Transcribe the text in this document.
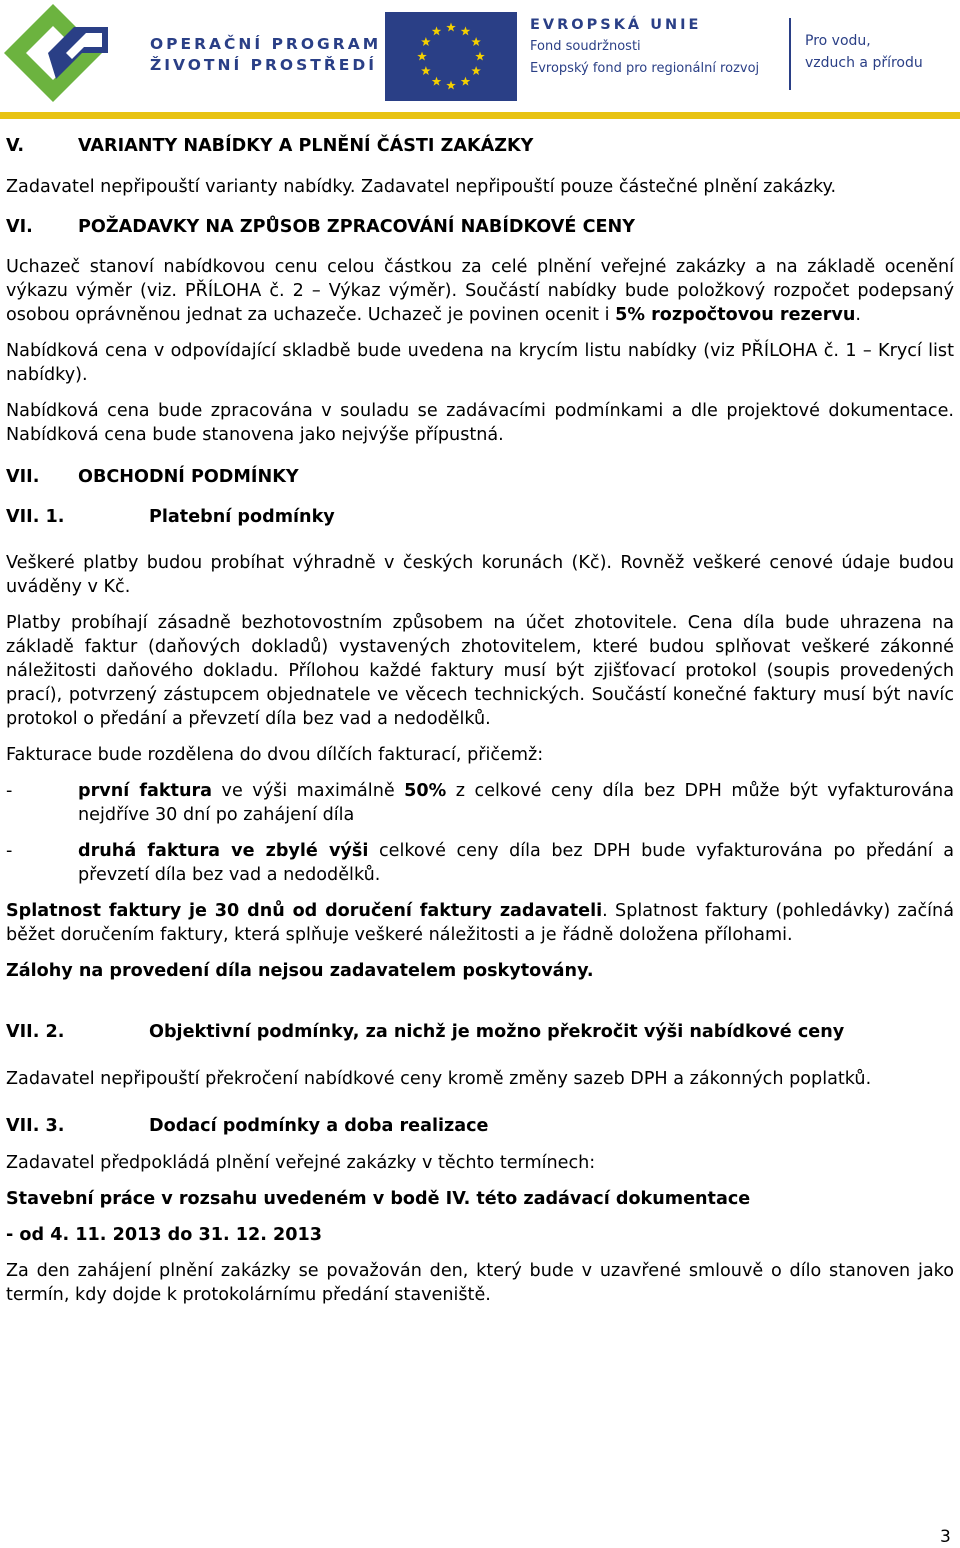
OPERAČNÍ PROGRAM
ŽIVOTNÍ PROSTŘEDÍ
EVROPSKÁ UNIE
Fond soudržnosti
Evropský fond pro regionální rozvoj
Pro vodu,
vzduch a přírodu
V.	VARIANTY NABÍDKY A PLNĚNÍ ČÁSTI ZAKÁZKY

Zadavatel nepřipouští varianty nabídky. Zadavatel nepřipouští pouze částečné plnění zakázky.

VI.	POŽADAVKY NA ZPŮSOB ZPRACOVÁNÍ NABÍDKOVÉ CENY

Uchazeč stanoví nabídkovou cenu celou částkou za celé plnění veřejné zakázky a na základě ocenění výkazu výměr (viz. PŘÍLOHA č. 2 – Výkaz výměr). Součástí nabídky bude položkový rozpočet podepsaný osobou oprávněnou jednat za uchazeče. Uchazeč je povinen ocenit i 5% rozpočtovou rezervu.

Nabídková cena v odpovídající skladbě bude uvedena na krycím listu nabídky (viz PŘÍLOHA č. 1 – Krycí list nabídky).

Nabídková cena bude zpracována v souladu se zadávacími podmínkami a dle projektové dokumentace. Nabídková cena bude stanovena jako nejvýše přípustná.

VII.	OBCHODNÍ PODMÍNKY
VII. 1.	Platební podmínky

Veškeré platby budou probíhat výhradně v českých korunách (Kč). Rovněž veškeré cenové údaje budou uváděny v Kč.

Platby probíhají zásadně bezhotovostním způsobem na účet zhotovitele. Cena díla bude uhrazena na základě faktur (daňových dokladů) vystavených zhotovitelem, které budou splňovat veškeré zákonné náležitosti daňového dokladu. Přílohou každé faktury musí být zjišťovací protokol (soupis provedených prací), potvrzený zástupcem objednatele ve věcech technických. Součástí konečné faktury musí být navíc protokol o předání a převzetí díla bez vad a nedodělků.

Fakturace bude rozdělena do dvou dílčích fakturací, přičemž:

-	první faktura ve výši maximálně 50% z celkové ceny díla bez DPH může být vyfakturována nejdříve 30 dní po zahájení díla
-	druhá faktura ve zbylé výši celkové ceny díla bez DPH bude vyfakturována po předání a převzetí díla bez vad a nedodělků.

Splatnost faktury je 30 dnů od doručení faktury zadavateli. Splatnost faktury (pohledávky) začíná běžet doručením faktury, která splňuje veškeré náležitosti a je řádně doložena přílohami.

Zálohy na provedení díla nejsou zadavatelem poskytovány.

VII. 2.	Objektivní podmínky, za nichž je možno překročit výši nabídkové ceny

Zadavatel nepřipouští překročení nabídkové ceny kromě změny sazeb DPH a zákonných poplatků.

VII. 3.	Dodací podmínky a doba realizace

Zadavatel předpokládá plnění veřejné zakázky v těchto termínech:

Stavební práce v rozsahu uvedeném v bodě IV. této zadávací dokumentace

- od 4. 11. 2013 do 31. 12. 2013

Za den zahájení plnění zakázky se považován den, který bude v uzavřené smlouvě o dílo stanoven jako termín, kdy dojde k protokolárnímu předání staveniště.

3
